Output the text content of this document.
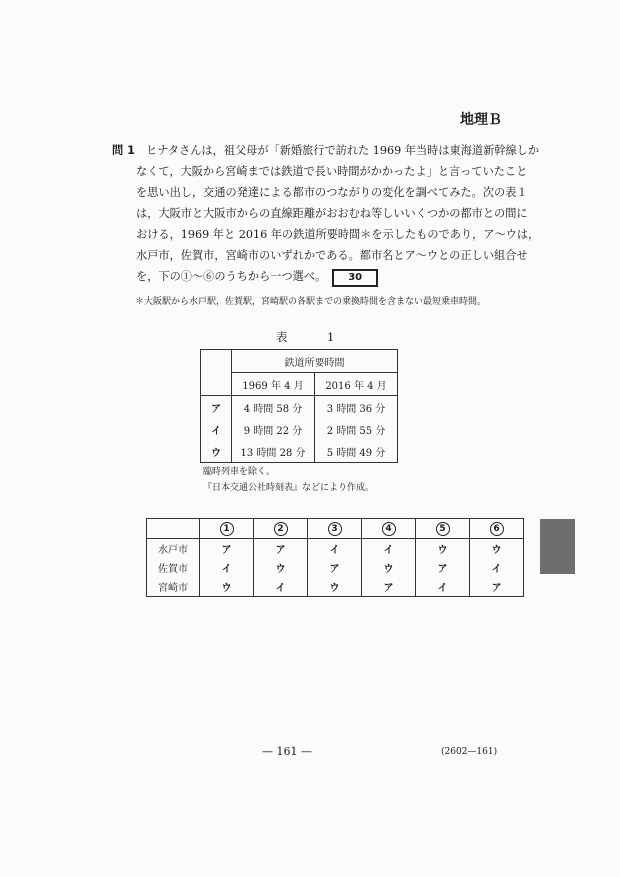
地理Ｂ
問 1 ヒナタさんは，祖父母が「新婚旅行で訪れた 1969 年当時は東海道新幹線しか
なくて，大阪から宮崎までは鉄道で長い時間がかかったよ」と言っていたこと
を思い出し，交通の発達による都市のつながりの変化を調べてみた。次の表１
は，大阪市と大阪市からの直線距離がおおむね等しいいくつかの都市との間に
おける，1969 年と 2016 年の鉄道所要時間＊を示したものであり，ア～ウは，
水戸市，佐賀市，宮崎市のいずれかである。都市名とア～ウとの正しい組合せ
を，下の①～⑥のうちから一つ選べ。 30
＊大阪駅から水戸駅，佐賀駅，宮崎駅の各駅までの乗換時間を含まない最短乗車時間。
表　1
	鉄道所要時間	
	1969 年 4 月	2016 年 4 月
ア	4 時間 58 分	3 時間 36 分
イ	9 時間 22 分	2 時間 55 分
ウ	13 時間 28 分	5 時間 49 分
臨時列車を除く。
『日本交通公社時刻表』などにより作成。
	1	2	3	4	5	6
水戸市	ア	ア	イ	イ	ウ	ウ
佐賀市	イ	ウ	ア	ウ	ア	イ
宮崎市	ウ	イ	ウ	ア	イ	ア
— 161 —	(2602—161)
